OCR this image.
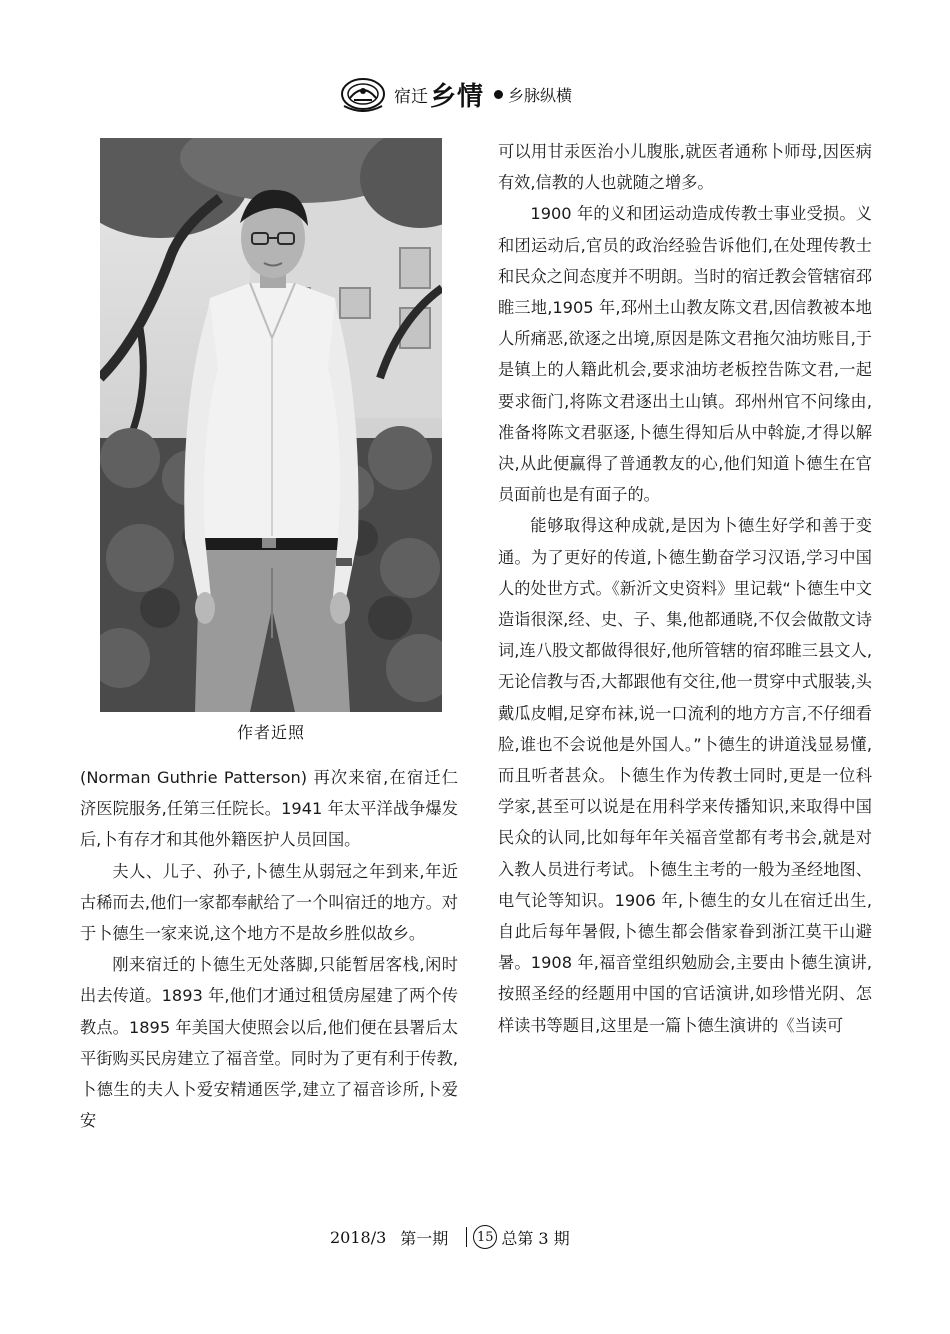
宿迁 乡情 乡脉纵横
作者近照

(Norman Guthrie Patterson) 再次来宿,在宿迁仁济医院服务,任第三任院长。1941 年太平洋战争爆发后,卜有存才和其他外籍医护人员回国。

夫人、儿子、孙子,卜德生从弱冠之年到来,年近古稀而去,他们一家都奉献给了一个叫宿迁的地方。对于卜德生一家来说,这个地方不是故乡胜似故乡。

刚来宿迁的卜德生无处落脚,只能暂居客栈,闲时出去传道。1893 年,他们才通过租赁房屋建了两个传教点。1895 年美国大使照会以后,他们便在县署后太平街购买民房建立了福音堂。同时为了更有利于传教,卜德生的夫人卜爱安精通医学,建立了福音诊所,卜爱安

可以用甘汞医治小儿腹胀,就医者通称卜师母,因医病有效,信教的人也就随之增多。

1900 年的义和团运动造成传教士事业受损。义和团运动后,官员的政治经验告诉他们,在处理传教士和民众之间态度并不明朗。当时的宿迁教会管辖宿邳睢三地,1905 年,邳州土山教友陈文君,因信教被本地人所痛恶,欲逐之出境,原因是陈文君拖欠油坊账目,于是镇上的人籍此机会,要求油坊老板控告陈文君,一起要求衙门,将陈文君逐出土山镇。邳州州官不问缘由,准备将陈文君驱逐,卜德生得知后从中斡旋,才得以解决,从此便赢得了普通教友的心,他们知道卜德生在官员面前也是有面子的。

能够取得这种成就,是因为卜德生好学和善于变通。为了更好的传道,卜德生勤奋学习汉语,学习中国人的处世方式。《新沂文史资料》里记载“卜德生中文造诣很深,经、史、子、集,他都通晓,不仅会做散文诗词,连八股文都做得很好,他所管辖的宿邳睢三县文人,无论信教与否,大都跟他有交往,他一贯穿中式服装,头戴瓜皮帽,足穿布袜,说一口流利的地方方言,不仔细看脸,谁也不会说他是外国人。”卜德生的讲道浅显易懂,而且听者甚众。卜德生作为传教士同时,更是一位科学家,甚至可以说是在用科学来传播知识,来取得中国民众的认同,比如每年年关福音堂都有考书会,就是对入教人员进行考试。卜德生主考的一般为圣经地图、电气论等知识。1906 年,卜德生的女儿在宿迁出生,自此后每年暑假,卜德生都会偕家眷到浙江莫干山避暑。1908 年,福音堂组织勉励会,主要由卜德生演讲,按照圣经的经题用中国的官话演讲,如珍惜光阴、怎样读书等题目,这里是一篇卜德生演讲的《当读可

2018/3 第一期 15 总第 3 期
